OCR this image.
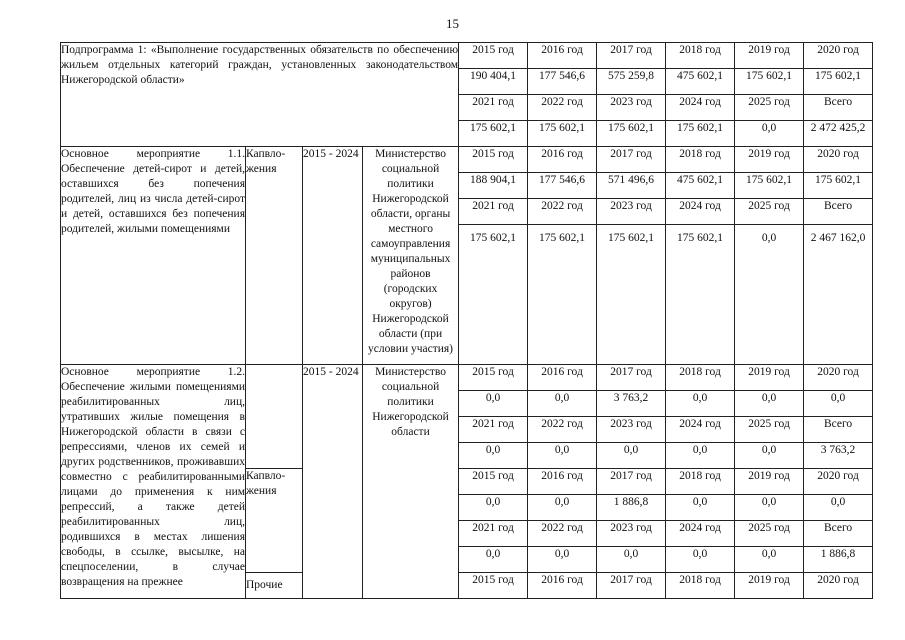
15
Подпрограмма 1: «Выполнение государственных обязательств по обеспечению жильем отдельных категорий граждан, установленных законодательством Нижегородской области»				2015 год	2016 год	2017 год	2018 год	2019 год	2020 год
				190 404,1	177 546,6	575 259,8	475 602,1	175 602,1	175 602,1
				2021 год	2022 год	2023 год	2024 год	2025 год	Всего
				175 602,1	175 602,1	175 602,1	175 602,1	0,0	2 472 425,2
Основное мероприятие 1.1. Обеспечение детей-сирот и детей, оставшихся без попечения родителей, лиц из числа детей-сирот и детей, оставшихся без попечения родителей, жилыми помещениями	Капвло-жения	2015 - 2024	Министерство социальной политики Нижегородской области, органы местного самоуправления муниципальных районов (городских округов) Нижегородской области (при условии участия)	2015 год	2016 год	2017 год	2018 год	2019 год	2020 год
				188 904,1	177 546,6	571 496,6	475 602,1	175 602,1	175 602,1
				2021 год	2022 год	2023 год	2024 год	2025 год	Всего
				175 602,1	175 602,1	175 602,1	175 602,1	0,0	2 467 162,0
Основное мероприятие 1.2. Обеспечение жилыми помещениями реабилитированных лиц, утративших жилые помещения в Нижегородской области в связи с репрессиями, членов их семей и других родственников, проживавших совместно с реабилитированными лицами до применения к ним репрессий, а также детей реабилитированных лиц, родившихся в местах лишения свободы, в ссылке, высылке, на спецпоселении, в случае возвращения на прежнее		2015 - 2024	Министерство социальной политики Нижегородской области	2015 год	2016 год	2017 год	2018 год	2019 год	2020 год
				0,0	0,0	3 763,2	0,0	0,0	0,0
				2021 год	2022 год	2023 год	2024 год	2025 год	Всего
				0,0	0,0	0,0	0,0	0,0	3 763,2
	Капвло-жения			2015 год	2016 год	2017 год	2018 год	2019 год	2020 год
				0,0	0,0	1 886,8	0,0	0,0	0,0
				2021 год	2022 год	2023 год	2024 год	2025 год	Всего
				0,0	0,0	0,0	0,0	0,0	1 886,8
	Прочие			2015 год	2016 год	2017 год	2018 год	2019 год	2020 год
